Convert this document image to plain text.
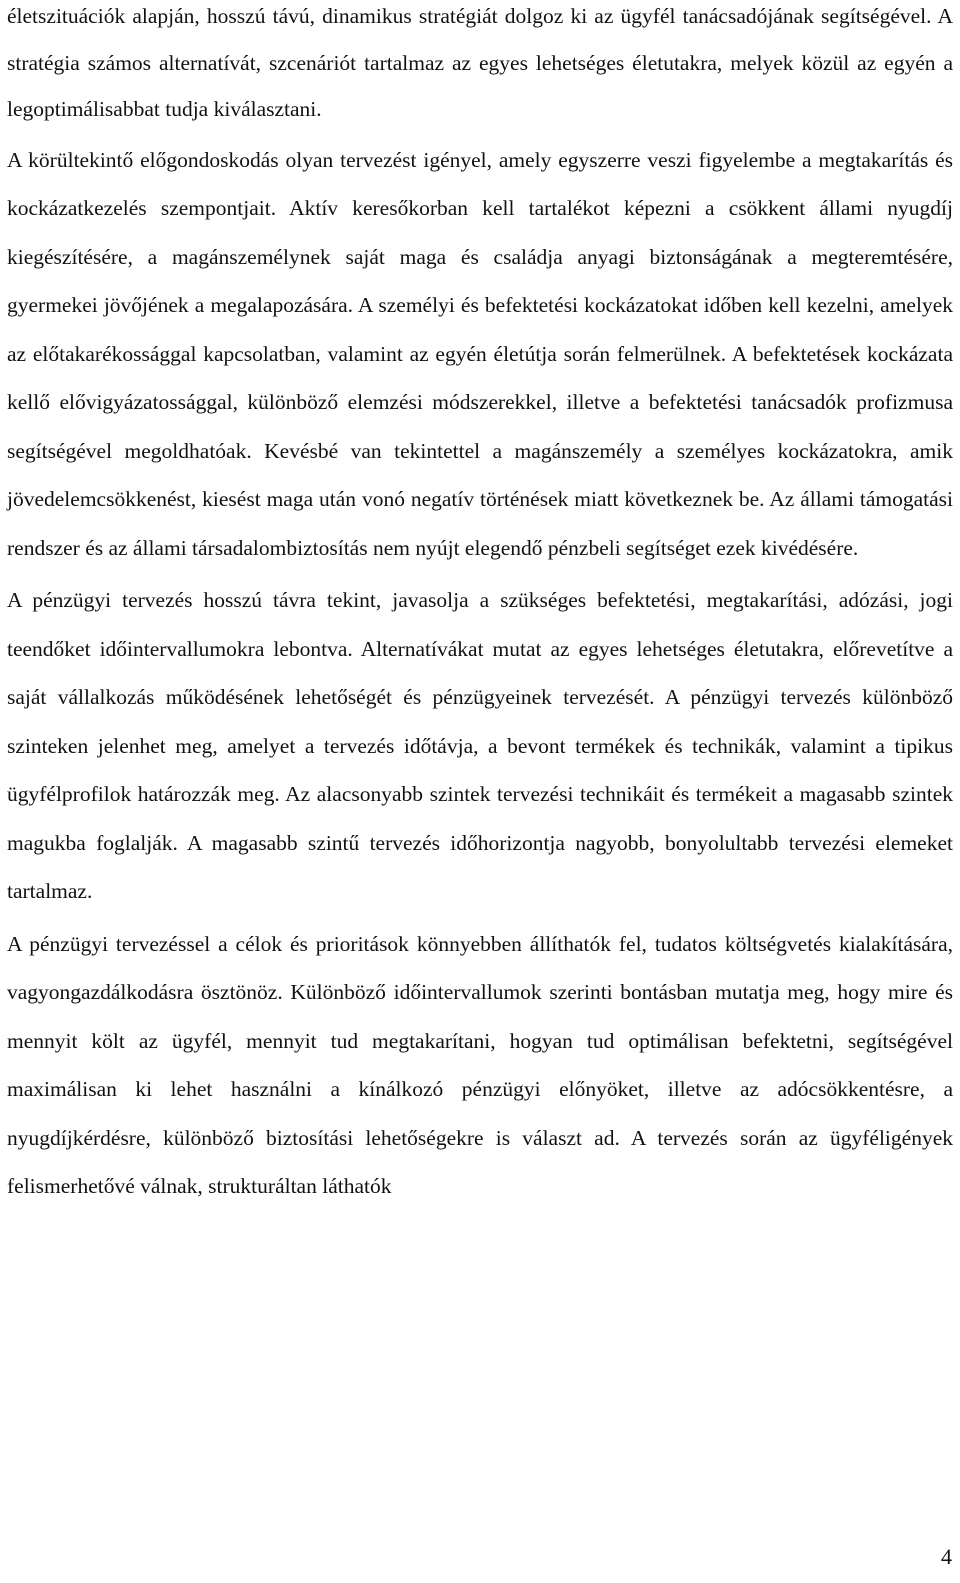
életszituációk alapján, hosszú távú, dinamikus stratégiát dolgoz ki az ügyfél tanácsadójának segítségével. A stratégia számos alternatívát, szcenáriót tartalmaz az egyes lehetséges életutakra, melyek közül az egyén a legoptimálisabbat tudja kiválasztani.

A körültekintő előgondoskodás olyan tervezést igényel, amely egyszerre veszi figyelembe a megtakarítás és kockázatkezelés szempontjait. Aktív keresőkorban kell tartalékot képezni a csökkent állami nyugdíj kiegészítésére, a magánszemélynek saját maga és családja anyagi biztonságának a megteremtésére, gyermekei jövőjének a megalapozására. A személyi és befektetési kockázatokat időben kell kezelni, amelyek az előtakarékossággal kapcsolatban, valamint az egyén életútja során felmerülnek. A befektetések kockázata kellő elővigyázatossággal, különböző elemzési módszerekkel, illetve a befektetési tanácsadók profizmusa segítségével megoldhatóak. Kevésbé van tekintettel a magánszemély a személyes kockázatokra, amik jövedelemcsökkenést, kiesést maga után vonó negatív történések miatt következnek be. Az állami támogatási rendszer és az állami társadalombiztosítás nem nyújt elegendő pénzbeli segítséget ezek kivédésére.

A pénzügyi tervezés hosszú távra tekint, javasolja a szükséges befektetési, megtakarítási, adózási, jogi teendőket időintervallumokra lebontva. Alternatívákat mutat az egyes lehetséges életutakra, előrevetítve a saját vállalkozás működésének lehetőségét és pénzügyeinek tervezését. A pénzügyi tervezés különböző szinteken jelenhet meg, amelyet a tervezés időtávja, a bevont termékek és technikák, valamint a tipikus ügyfélprofilok határozzák meg. Az alacsonyabb szintek tervezési technikáit és termékeit a magasabb szintek magukba foglalják. A magasabb szintű tervezés időhorizontja nagyobb, bonyolultabb tervezési elemeket tartalmaz.

A pénzügyi tervezéssel a célok és prioritások könnyebben állíthatók fel, tudatos költségvetés kialakítására, vagyongazdálkodásra ösztönöz. Különböző időintervallumok szerinti bontásban mutatja meg, hogy mire és mennyit költ az ügyfél, mennyit tud megtakarítani, hogyan tud optimálisan befektetni, segítségével maximálisan ki lehet használni a kínálkozó pénzügyi előnyöket, illetve az adócsökkentésre, a nyugdíjkérdésre, különböző biztosítási lehetőségekre is választ ad. A tervezés során az ügyféligények felismerhetővé válnak, strukturáltan láthatók

4
